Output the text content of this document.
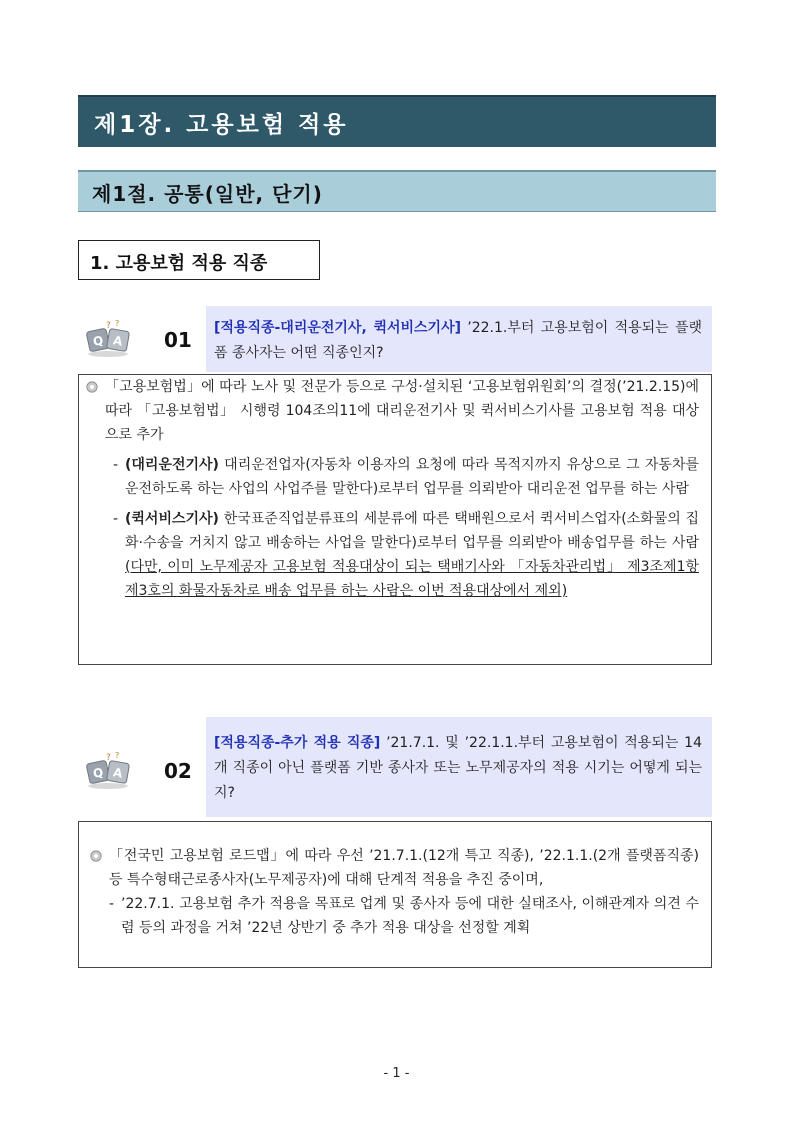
제1장. 고용보험 적용
제1절. 공통(일반, 단기)
1. 고용보험 적용 직종
Q A
? ?
01	[적용직종-대리운전기사, 퀵서비스기사] ’22.1.부터 고용보험이 적용되는 플랫폼 종사자는 어떤 직종인지?
「고용보험법」에 따라 노사 및 전문가 등으로 구성·설치된 ‘고용보험위원회’의 결정(’21.2.15)에 따라 「고용보험법」 시행령 104조의11에 대리운전기사 및 퀵서비스기사를 고용보험 적용 대상으로 추가
- (대리운전기사) 대리운전업자(자동차 이용자의 요청에 따라 목적지까지 유상으로 그 자동차를 운전하도록 하는 사업의 사업주를 말한다)로부터 업무를 의뢰받아 대리운전 업무를 하는 사람
- (퀵서비스기사) 한국표준직업분류표의 세분류에 따른 택배원으로서 퀵서비스업자(소화물의 집화·수송을 거치지 않고 배송하는 사업을 말한다)로부터 업무를 의뢰받아 배송업무를 하는 사람(다만, 이미 노무제공자 고용보험 적용대상이 되는 택배기사와 「자동차관리법」 제3조제1항제3호의 화물자동차로 배송 업무를 하는 사람은 이번 적용대상에서 제외)
Q A
? ?
02
[적용직종-추가 적용 직종] ’21.7.1. 및 ’22.1.1.부터 고용보험이 적용되는 14개 직종이 아닌 플랫폼 기반 종사자 또는 노무제공자의 적용 시기는 어떻게 되는지?
「전국민 고용보험 로드맵」에 따라 우선 ’21.7.1.(12개 특고 직종), ’22.1.1.(2개 플랫폼직종) 등 특수형태근로종사자(노무제공자)에 대해 단계적 적용을 추진 중이며,
- ’22.7.1. 고용보험 추가 적용을 목표로 업계 및 종사자 등에 대한 실태조사, 이해관계자 의견 수렴 등의 과정을 거쳐 ’22년 상반기 중 추가 적용 대상을 선정할 계획
- 1 -
